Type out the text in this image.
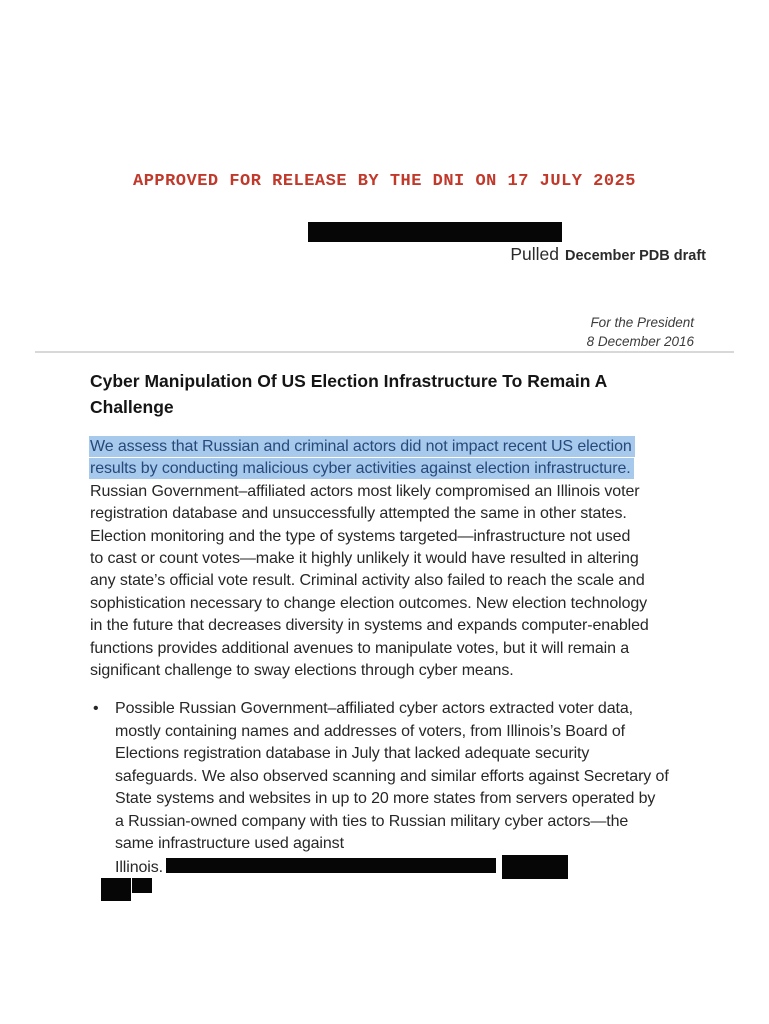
APPROVED FOR RELEASE BY THE DNI ON 17 JULY 2025
Pulled December PDB draft
For the President
8 December 2016
Cyber Manipulation Of US Election Infrastructure To Remain A
Challenge
We assess that Russian and criminal actors did not impact recent US election
results by conducting malicious cyber activities against election infrastructure.
Russian Government–affiliated actors most likely compromised an Illinois voter
registration database and unsuccessfully attempted the same in other states.
Election monitoring and the type of systems targeted—infrastructure not used
to cast or count votes—make it highly unlikely it would have resulted in altering
any state’s official vote result. Criminal activity also failed to reach the scale and
sophistication necessary to change election outcomes. New election technology
in the future that decreases diversity in systems and expands computer-enabled
functions provides additional avenues to manipulate votes, but it will remain a
significant challenge to sway elections through cyber means.
•	Possible Russian Government–affiliated cyber actors extracted voter data,
mostly containing names and addresses of voters, from Illinois’s Board of
Elections registration database in July that lacked adequate security
safeguards. We also observed scanning and similar efforts against Secretary of
State systems and websites in up to 20 more states from servers operated by
a Russian-owned company with ties to Russian military cyber actors—the
same infrastructure used against
Illinois.
